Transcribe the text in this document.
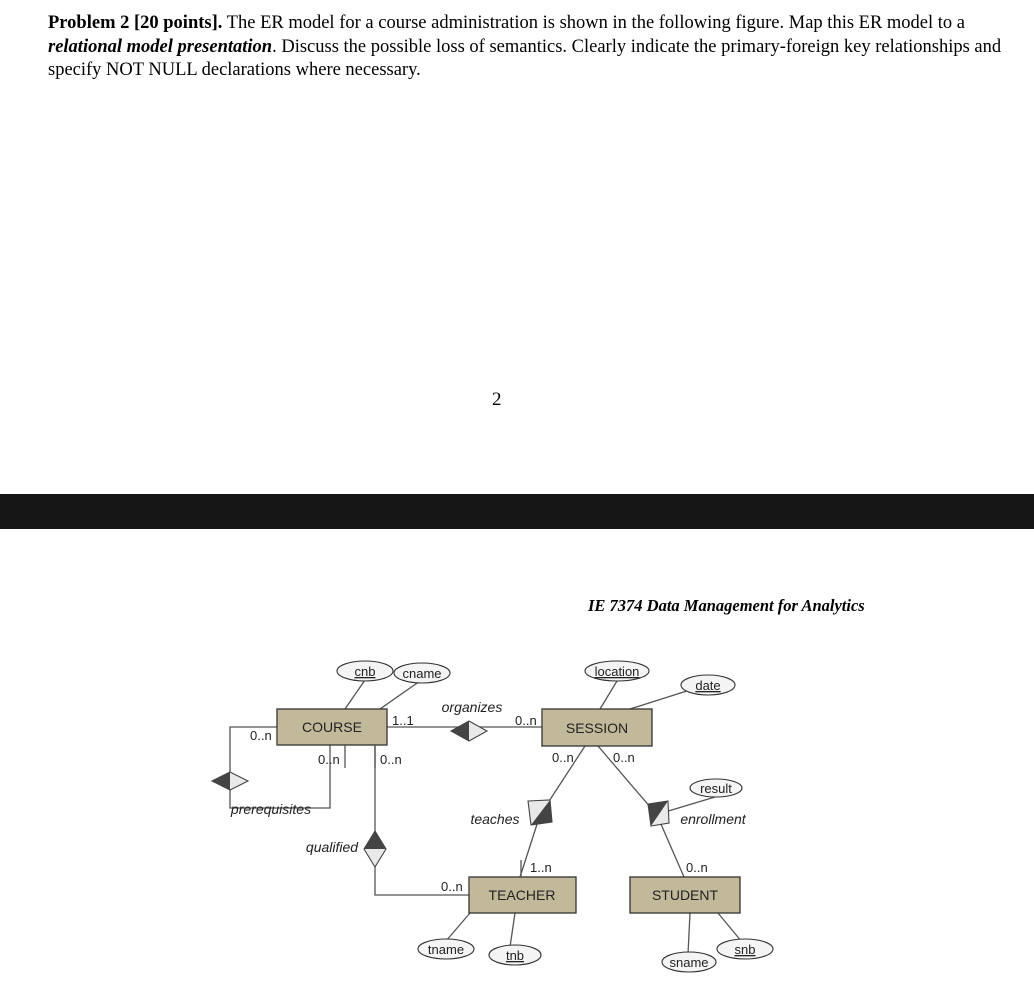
Problem 2 [20 points]. The ER model for a course administration is shown in the following figure. Map this ER model to a relational model presentation. Discuss the possible loss of semantics. Clearly indicate the primary-foreign key relationships and specify NOT NULL declarations where necessary.
2
IE 7374 Data Management for Analytics
COURSE	SESSION
TEACHER	STUDENT
organizes
prerequisites
qualified
teaches	enrollment
cnb cname	location
date
result
tname	tnb	sname
snb
0..n
1..1	0..n
0..n	0..n	0..n	0..n
1..n
0..n
0..n
